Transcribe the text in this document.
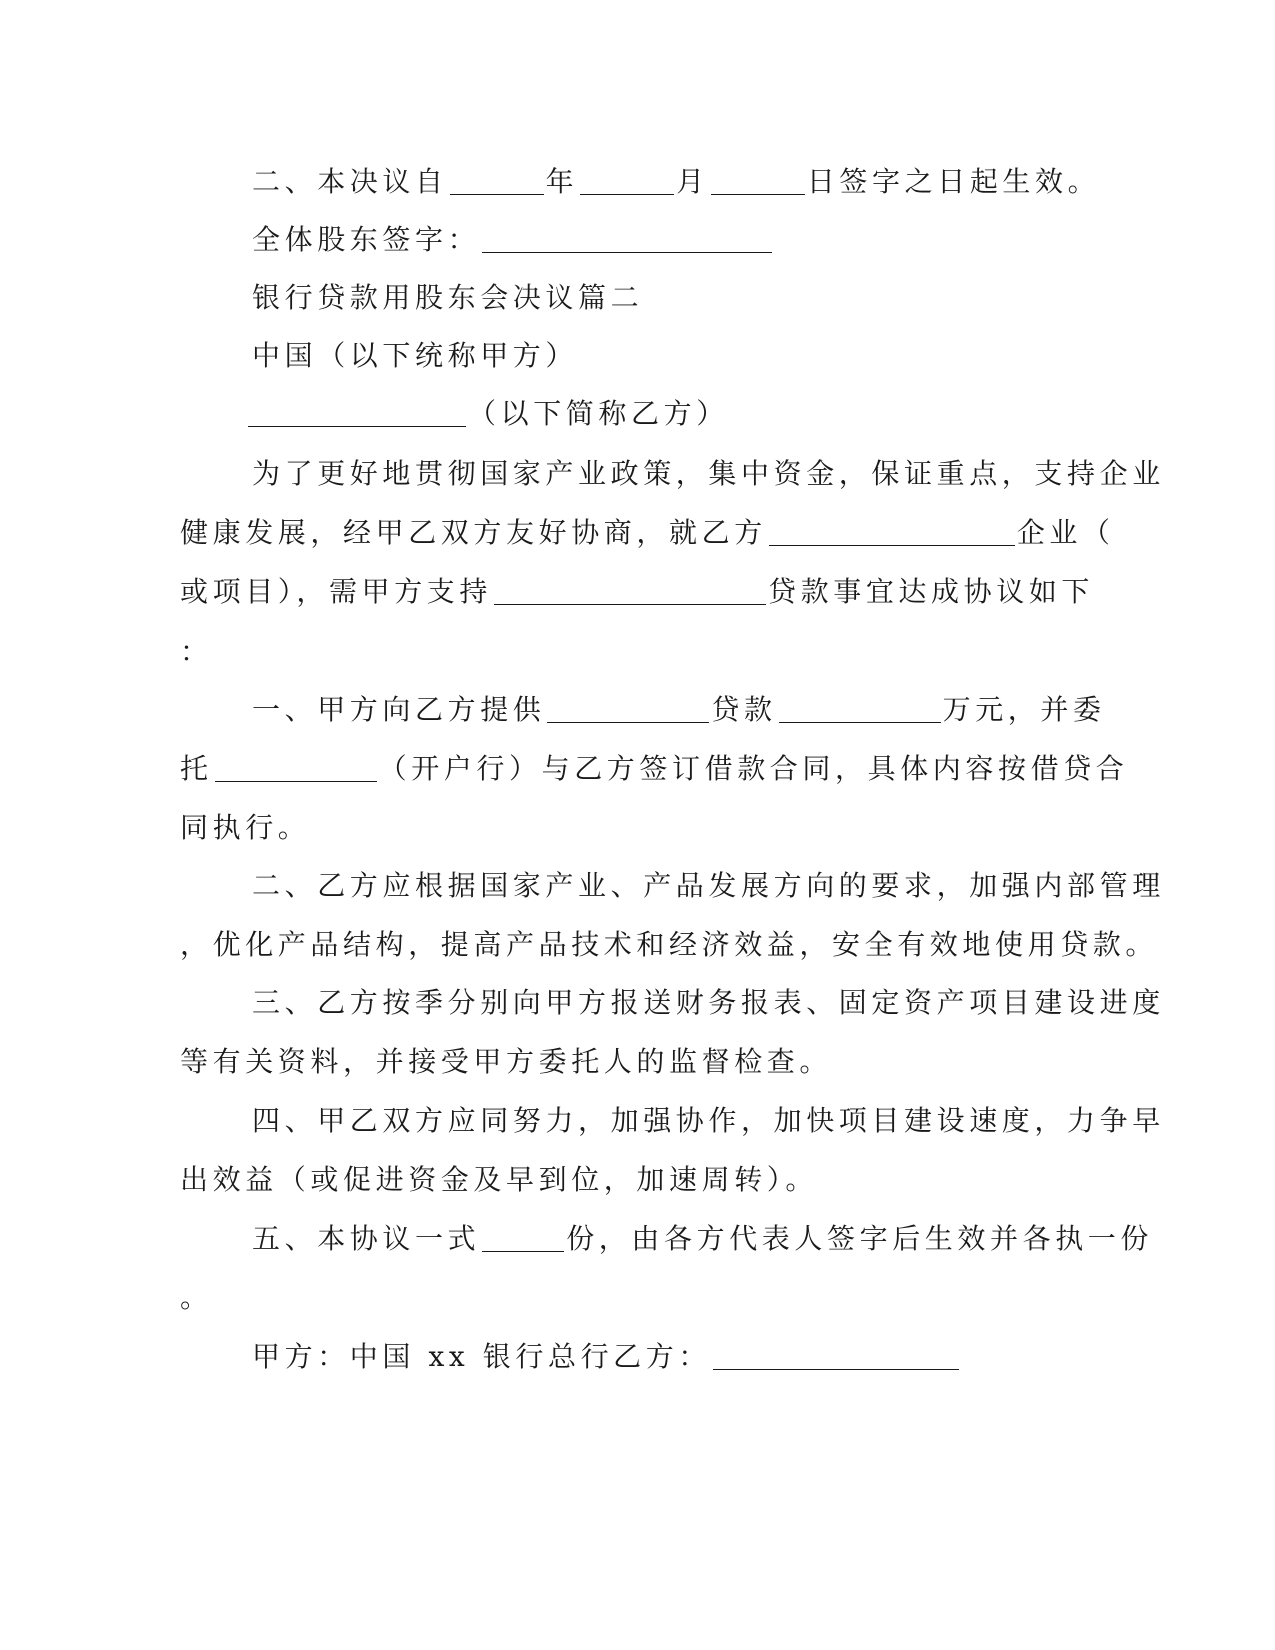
二、本决议自	年	月	日签字之日起生效。
全体股东签字：
银行贷款用股东会决议篇二
中国（以下统称甲方）
（以下简称乙方）
为了更好地贯彻国家产业政策，集中资金，保证重点，支持企业
健康发展，经甲乙双方友好协商，就乙方	企业（
或项目），需甲方支持	贷款事宜达成协议如下
：
一、甲方向乙方提供	贷款	万元，并委
托	（开户行）与乙方签订借款合同，具体内容按借贷合
同执行。
二、乙方应根据国家产业、产品发展方向的要求，加强内部管理
，优化产品结构，提高产品技术和经济效益，安全有效地使用贷款。
三、乙方按季分别向甲方报送财务报表、固定资产项目建设进度
等有关资料，并接受甲方委托人的监督检查。
四、甲乙双方应同努力，加强协作，加快项目建设速度，力争早
出效益（或促进资金及早到位，加速周转）。
五、本协议一式	份，由各方代表人签字后生效并各执一份
。
甲方：中国 xx 银行总行乙方：
